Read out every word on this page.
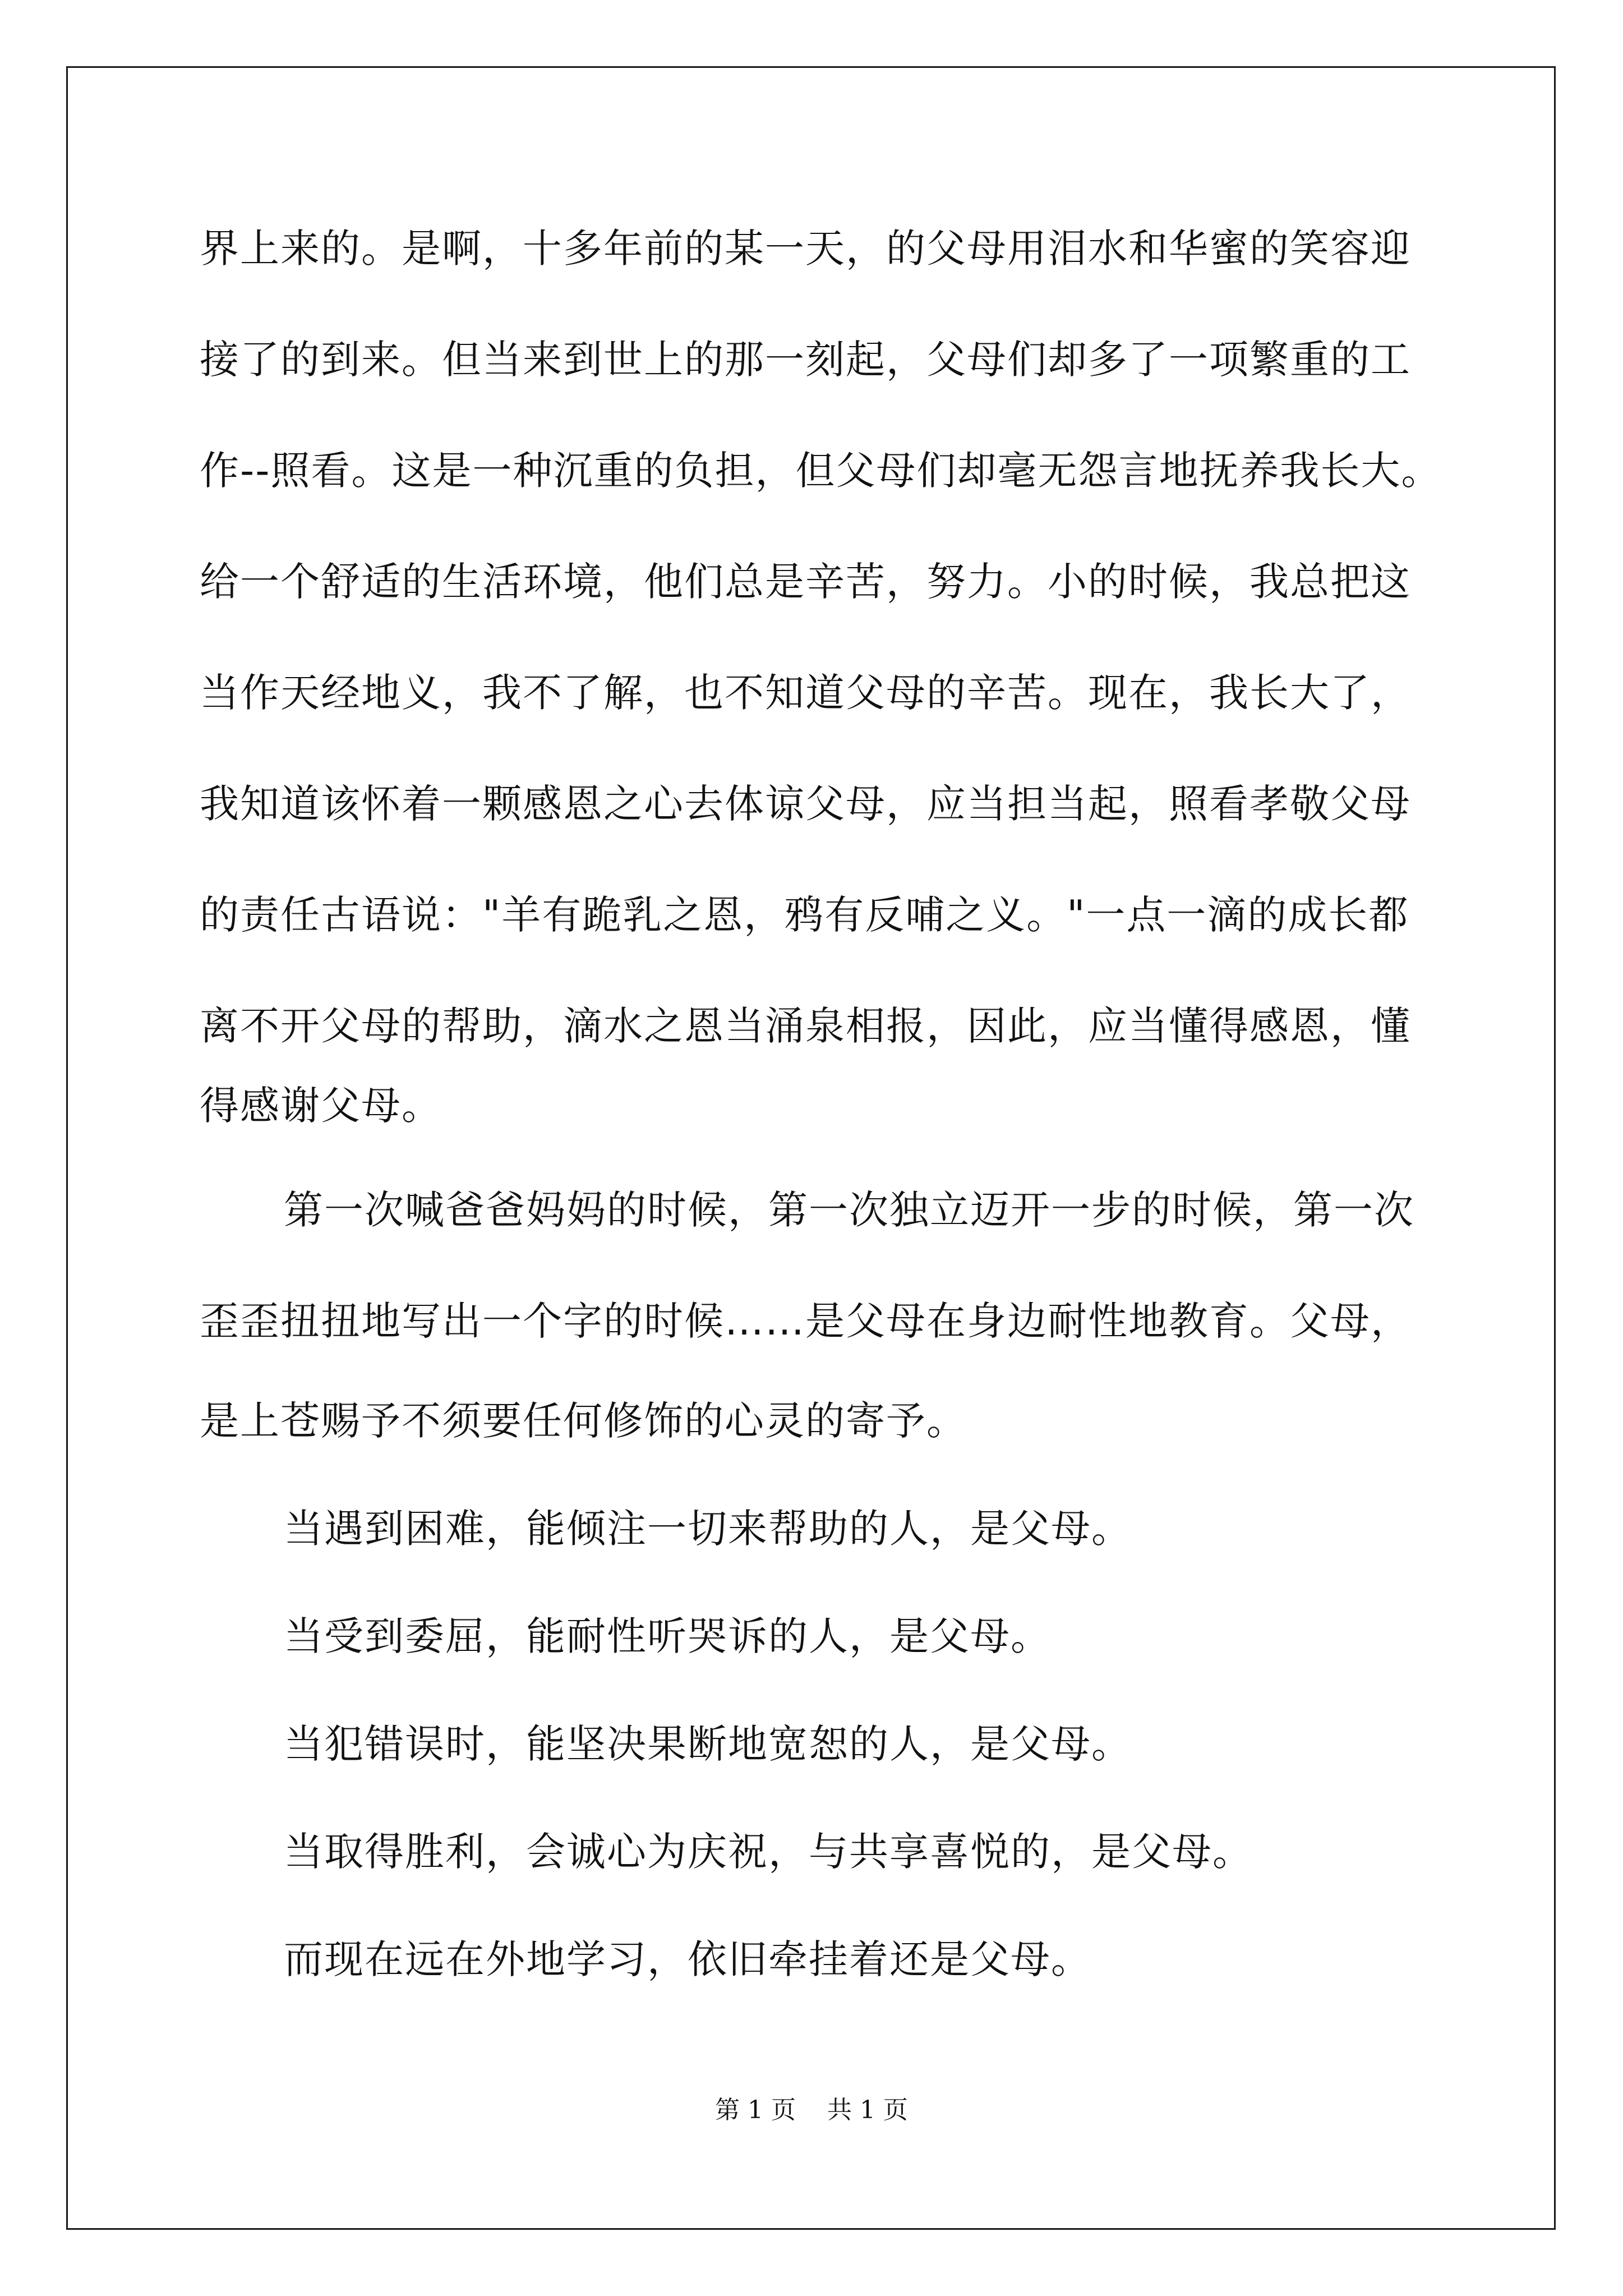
界上来的。是啊，十多年前的某一天，的父母用泪水和华蜜的笑容迎
接了的到来。但当来到世上的那一刻起，父母们却多了一项繁重的工
作--照看。这是一种沉重的负担，但父母们却毫无怨言地抚养我长大。
给一个舒适的生活环境，他们总是辛苦，努力。小的时候，我总把这
当作天经地义，我不了解，也不知道父母的辛苦。现在，我长大了，
我知道该怀着一颗感恩之心去体谅父母，应当担当起，照看孝敬父母
的责任古语说："羊有跪乳之恩，鸦有反哺之义。"一点一滴的成长都
离不开父母的帮助，滴水之恩当涌泉相报，因此，应当懂得感恩，懂
得感谢父母。
第一次喊爸爸妈妈的时候，第一次独立迈开一步的时候，第一次
歪歪扭扭地写出一个字的时候……是父母在身边耐性地教育。父母，
是上苍赐予不须要任何修饰的心灵的寄予。
当遇到困难，能倾注一切来帮助的人，是父母。
当受到委屈，能耐性听哭诉的人，是父母。
当犯错误时，能坚决果断地宽恕的人，是父母。
当取得胜利，会诚心为庆祝，与共享喜悦的，是父母。
而现在远在外地学习，依旧牵挂着还是父母。
第 1 页    共 1 页
